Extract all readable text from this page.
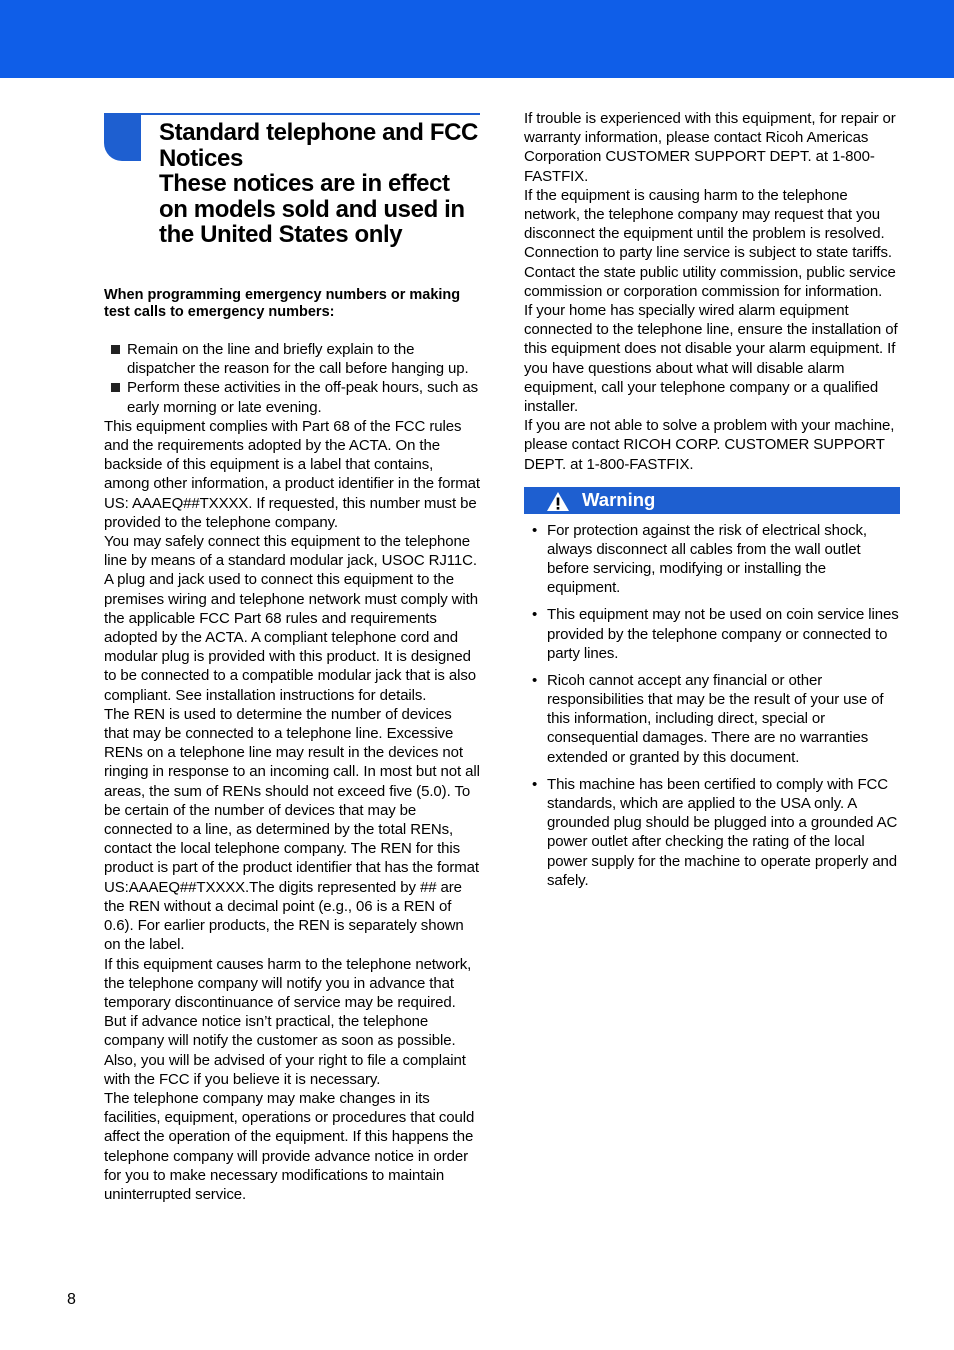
Standard telephone and FCC
Notices
These notices are in effect
on models sold and used in
the United States only
When programming emergency numbers or making test calls to emergency numbers:
Remain on the line and briefly explain to the dispatcher the reason for the call before hanging up.
Perform these activities in the off-peak hours, such as early morning or late evening.

This equipment complies with Part 68 of the FCC rules and the requirements adopted by the ACTA. On the backside of this equipment is a label that contains, among other information, a product identifier in the format US: AAAEQ##TXXXX. If requested, this number must be provided to the telephone company.

You may safely connect this equipment to the telephone line by means of a standard modular jack, USOC RJ11C.

A plug and jack used to connect this equipment to the premises wiring and telephone network must comply with the applicable FCC Part 68 rules and requirements adopted by the ACTA. A compliant telephone cord and modular plug is provided with this product. It is designed to be connected to a compatible modular jack that is also compliant. See installation instructions for details.

The REN is used to determine the number of devices that may be connected to a telephone line. Excessive RENs on a telephone line may result in the devices not ringing in response to an incoming call. In most but not all areas, the sum of RENs should not exceed five (5.0). To be certain of the number of devices that may be connected to a line, as determined by the total RENs, contact the local telephone company. The REN for this product is part of the product identifier that has the format US:AAAEQ##TXXXX.The digits represented by ## are the REN without a decimal point (e.g., 06 is a REN of 0.6). For earlier products, the REN is separately shown on the label.

If this equipment causes harm to the telephone network, the telephone company will notify you in advance that temporary discontinuance of service may be required. But if advance notice isn’t practical, the telephone company will notify the customer as soon as possible. Also, you will be advised of your right to file a complaint with the FCC if you believe it is necessary.

The telephone company may make changes in its facilities, equipment, operations or procedures that could affect the operation of the equipment. If this happens the telephone company will provide advance notice in order for you to make necessary modifications to maintain uninterrupted service.

If trouble is experienced with this equipment, for repair or warranty information, please contact Ricoh Americas Corporation CUSTOMER SUPPORT DEPT. at 1-800-FASTFIX.

If the equipment is causing harm to the telephone network, the telephone company may request that you disconnect the equipment until the problem is resolved.

Connection to party line service is subject to state tariffs. Contact the state public utility commission, public service commission or corporation commission for information.

If your home has specially wired alarm equipment connected to the telephone line, ensure the installation of this equipment does not disable your alarm equipment. If you have questions about what will disable alarm equipment, call your telephone company or a qualified installer.

If you are not able to solve a problem with your machine, please contact RICOH CORP. CUSTOMER SUPPORT DEPT. at 1-800-FASTFIX.

Warning
• For protection against the risk of electrical shock, always disconnect all cables from the wall outlet before servicing, modifying or installing the equipment.
• This equipment may not be used on coin service lines provided by the telephone company or connected to party lines.
• Ricoh cannot accept any financial or other responsibilities that may be the result of your use of this information, including direct, special or consequential damages. There are no warranties extended or granted by this document.
• This machine has been certified to comply with FCC standards, which are applied to the USA only. A grounded plug should be plugged into a grounded AC power outlet after checking the rating of the local power supply for the machine to operate properly and safely.
8
